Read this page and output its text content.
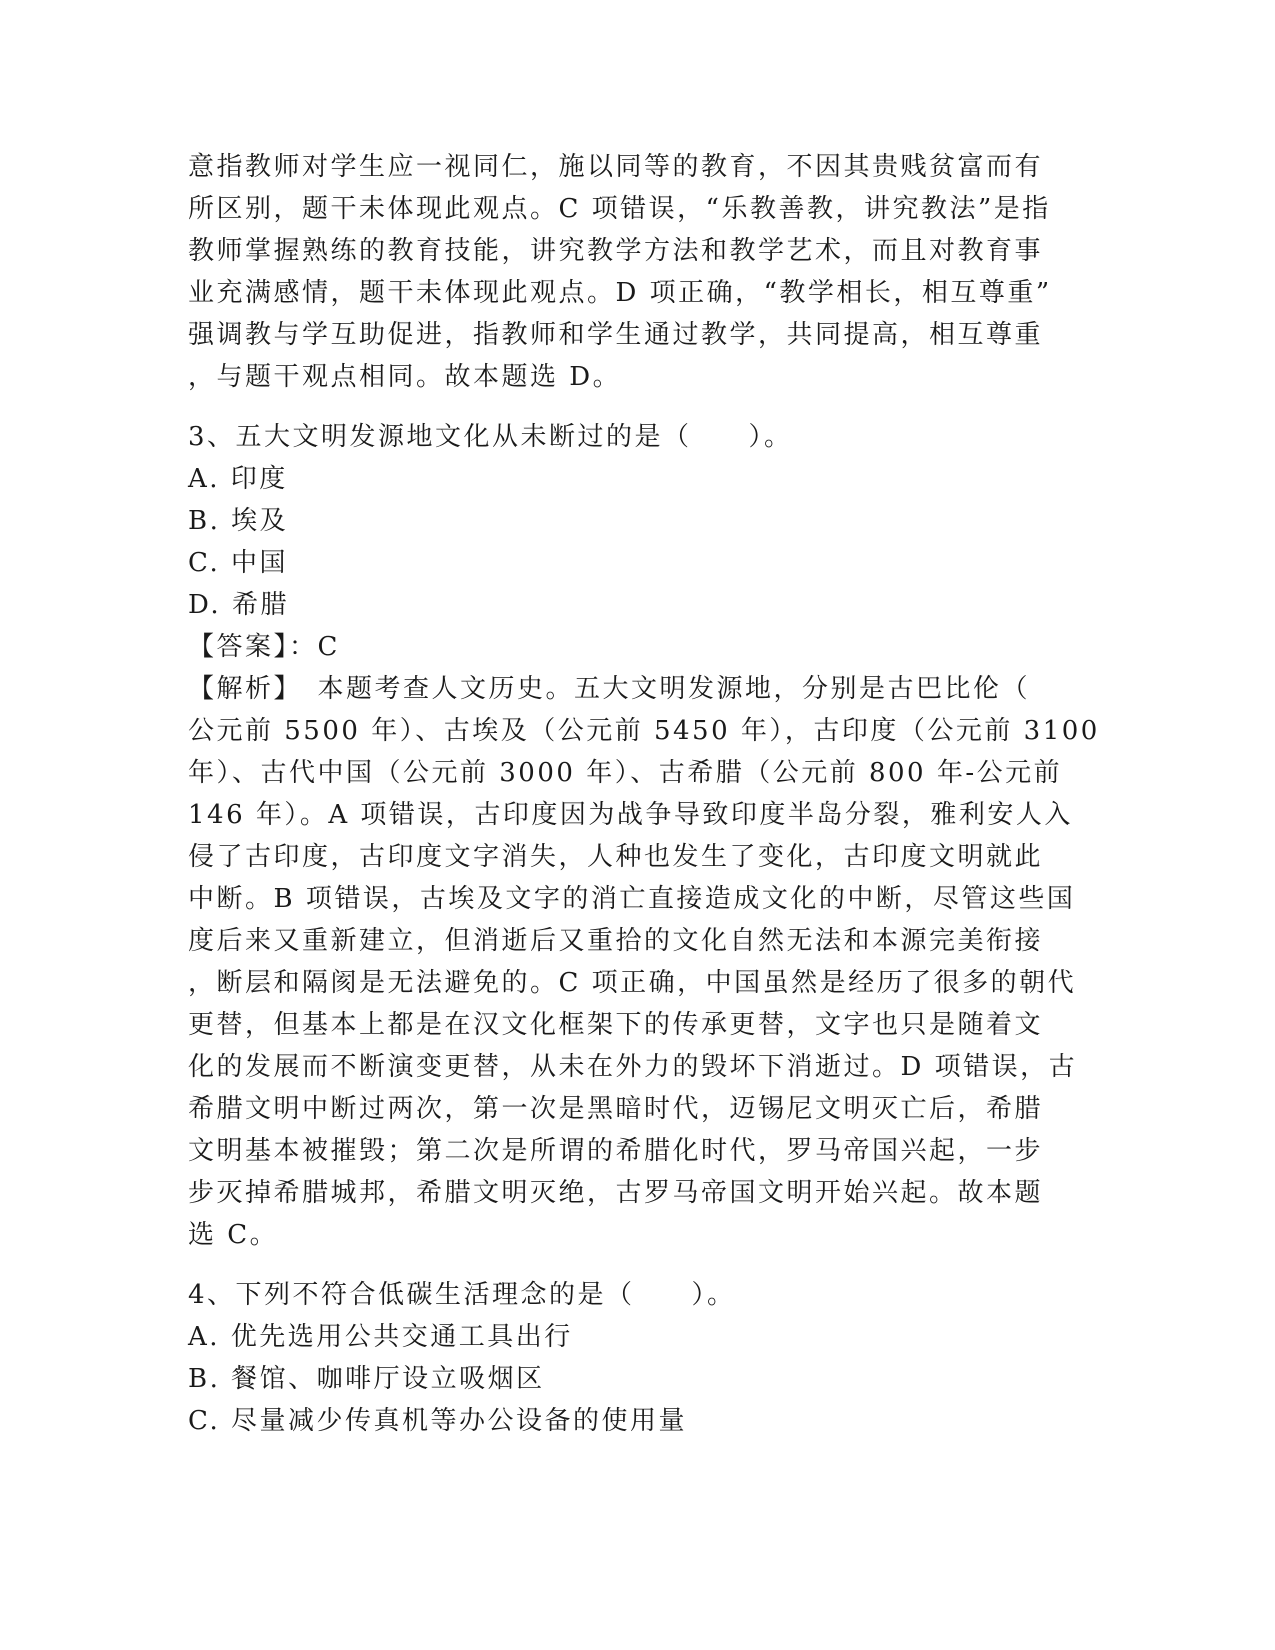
意指教师对学生应一视同仁，施以同等的教育，不因其贵贱贫富而有
所区别，题干未体现此观点。C 项错误，“乐教善教，讲究教法”是指
教师掌握熟练的教育技能，讲究教学方法和教学艺术，而且对教育事
业充满感情，题干未体现此观点。D 项正确，“教学相长，相互尊重”
强调教与学互助促进，指教师和学生通过教学，共同提高，相互尊重
，与题干观点相同。故本题选 D。
3、五大文明发源地文化从未断过的是（　　）。
A. 印度
B. 埃及
C. 中国
D. 希腊
【答案】：C
【解析】　本题考查人文历史。五大文明发源地，分别是古巴比伦（
公元前 5500 年）、古埃及（公元前 5450 年），古印度（公元前 3100
年）、古代中国（公元前 3000 年）、古希腊（公元前 800 年-公元前
146 年）。A 项错误，古印度因为战争导致印度半岛分裂，雅利安人入
侵了古印度，古印度文字消失，人种也发生了变化，古印度文明就此
中断。B 项错误，古埃及文字的消亡直接造成文化的中断，尽管这些国
度后来又重新建立，但消逝后又重拾的文化自然无法和本源完美衔接
，断层和隔阂是无法避免的。C 项正确，中国虽然是经历了很多的朝代
更替，但基本上都是在汉文化框架下的传承更替，文字也只是随着文
化的发展而不断演变更替，从未在外力的毁坏下消逝过。D 项错误，古
希腊文明中断过两次，第一次是黑暗时代，迈锡尼文明灭亡后，希腊
文明基本被摧毁；第二次是所谓的希腊化时代，罗马帝国兴起，一步
步灭掉希腊城邦，希腊文明灭绝，古罗马帝国文明开始兴起。故本题
选 C。
4、下列不符合低碳生活理念的是（　　）。
A. 优先选用公共交通工具出行
B. 餐馆、咖啡厅设立吸烟区
C. 尽量减少传真机等办公设备的使用量
